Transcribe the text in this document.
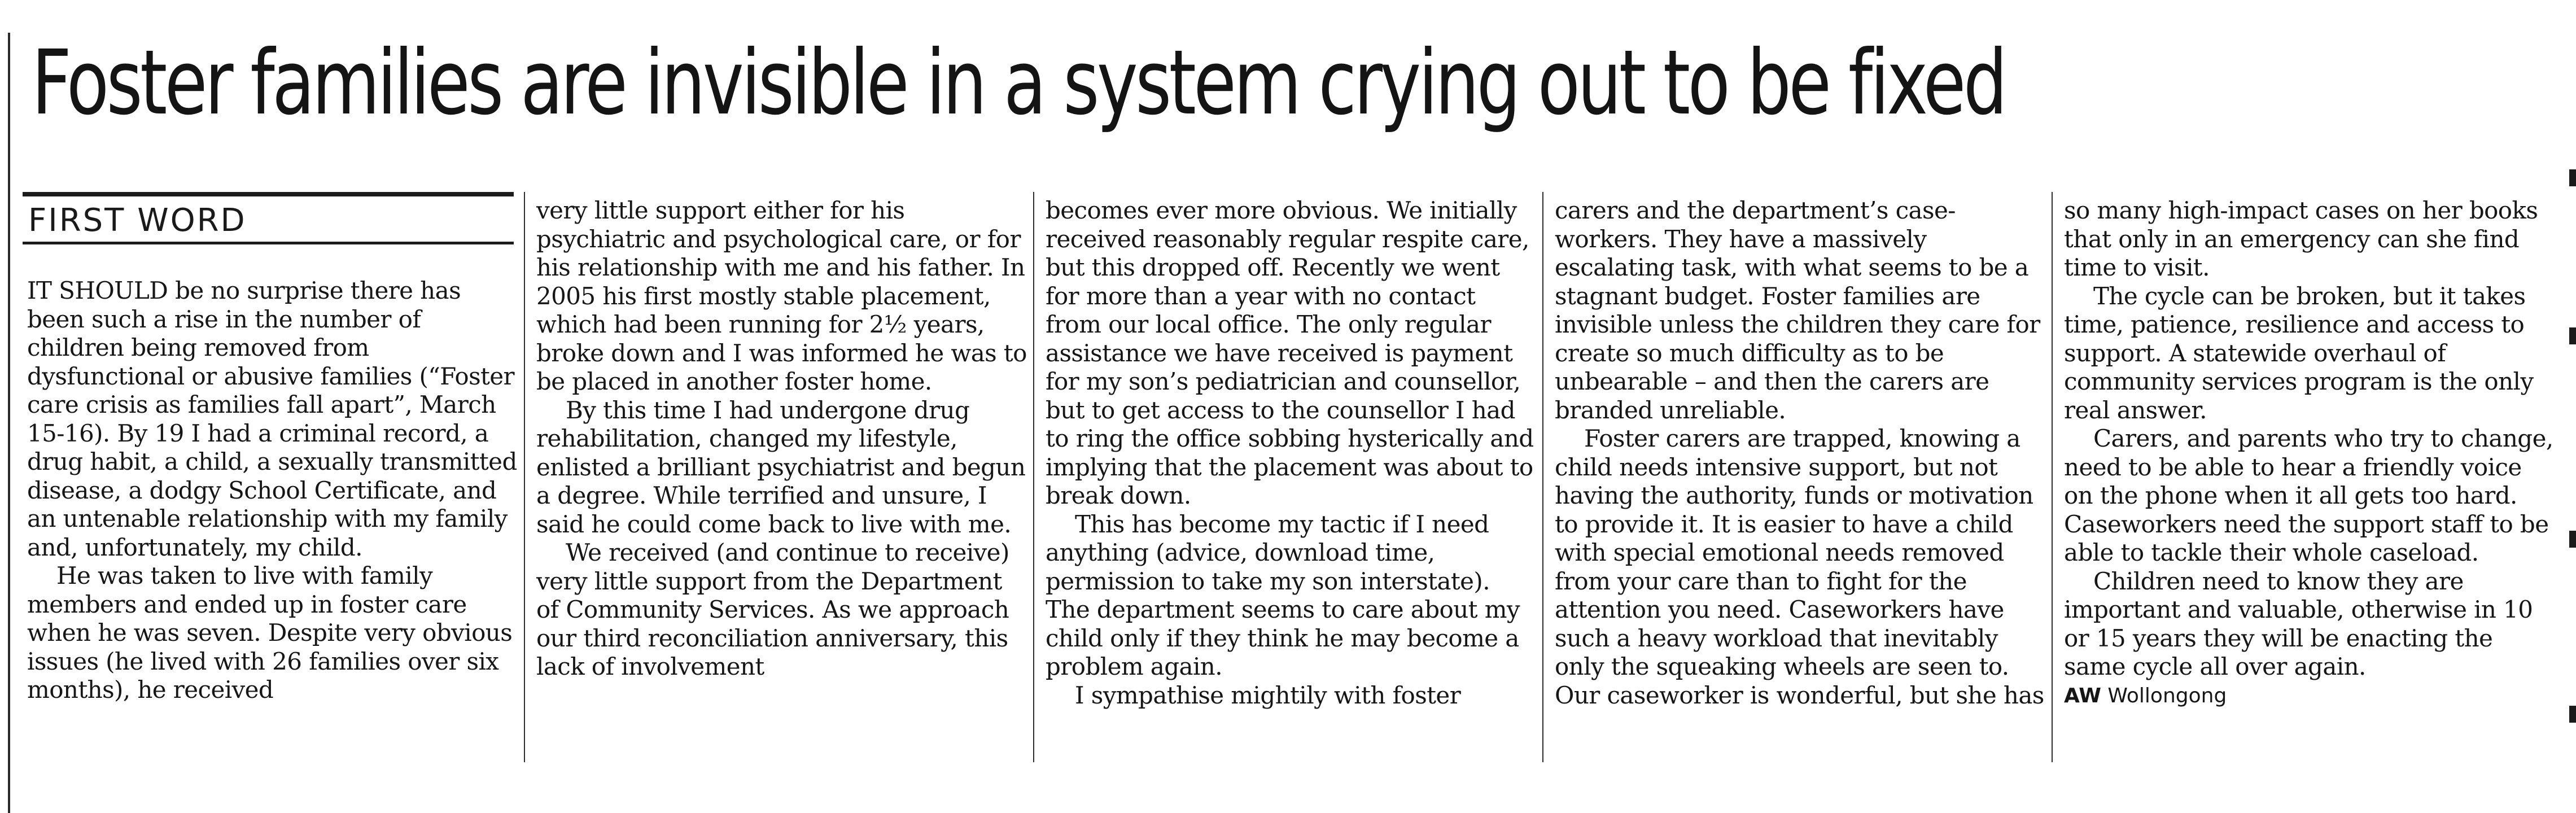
Foster families are invisible in a system crying out to be fixed
FIRST WORD

IT SHOULD be no surprise there has been such a rise in the number of children being removed from dysfunctional or abusive families (“Foster care crisis as families fall apart”, March 15-16). By 19 I had a criminal record, a drug habit, a child, a sexually transmitted disease, a dodgy School Certificate, and an untenable relationship with my family and, unfortunately, my child.

He was taken to live with family members and ended up in foster care when he was seven. Despite very obvious issues (he lived with 26 families over six months), he received

very little support either for his psychiatric and psychological care, or for his relationship with me and his father. In 2005 his first mostly stable placement, which had been running for 2½ years, broke down and I was informed he was to be placed in another foster home.

By this time I had undergone drug rehabilitation, changed my lifestyle, enlisted a brilliant psychiatrist and begun a degree. While terrified and unsure, I said he could come back to live with me.

We received (and continue to receive) very little support from the Department of Community Services. As we approach our third reconciliation anniversary, this lack of involvement

becomes ever more obvious. We initially received reasonably regular respite care, but this dropped off. Recently we went for more than a year with no contact from our local office. The only regular assistance we have received is payment for my son’s pediatrician and counsellor, but to get access to the counsellor I had to ring the office sobbing hysterically and implying that the placement was about to break down.

This has become my tactic if I need anything (advice, download time, permission to take my son interstate). The department seems to care about my child only if they think he may become a problem again.

I sympathise mightily with foster

carers and the department’s case-workers. They have a massively escalating task, with what seems to be a stagnant budget. Foster families are invisible unless the children they care for create so much difficulty as to be unbearable – and then the carers are branded unreliable.

Foster carers are trapped, knowing a child needs intensive support, but not having the authority, funds or motivation to provide it. It is easier to have a child with special emotional needs removed from your care than to fight for the attention you need. Caseworkers have such a heavy workload that inevitably only the squeaking wheels are seen to. Our caseworker is wonderful, but she has

so many high-impact cases on her books that only in an emergency can she find time to visit.

The cycle can be broken, but it takes time, patience, resilience and access to support. A statewide overhaul of community services program is the only real answer.

Carers, and parents who try to change, need to be able to hear a friendly voice on the phone when it all gets too hard. Caseworkers need the support staff to be able to tackle their whole caseload.

Children need to know they are important and valuable, otherwise in 10 or 15 years they will be enacting the same cycle all over again.

AW Wollongong
